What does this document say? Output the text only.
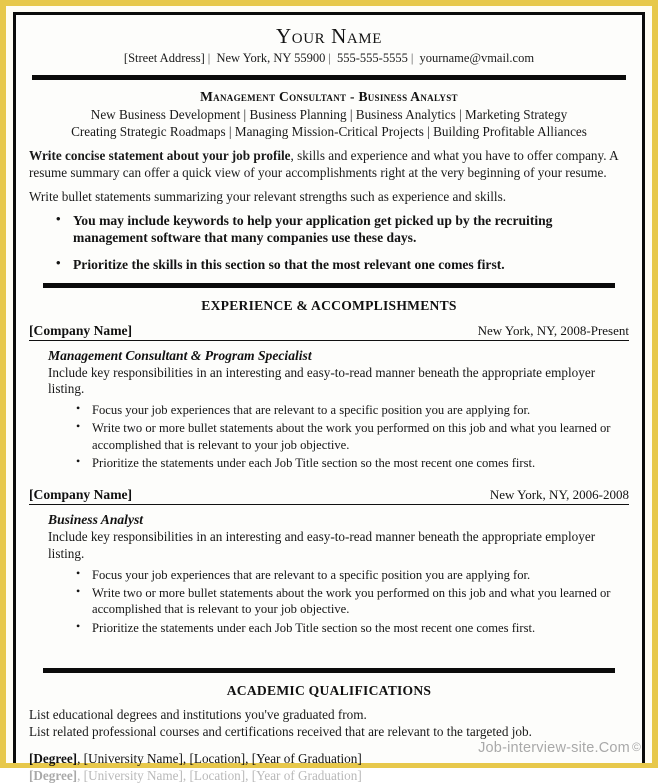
Your Name
[Street Address] | New York, NY 55900 | 555-555-5555 | yourname@vmail.com
Management Consultant - Business Analyst
New Business Development | Business Planning | Business Analytics | Marketing Strategy
Creating Strategic Roadmaps | Managing Mission-Critical Projects | Building Profitable Alliances
Write concise statement about your job profile, skills and experience and what you have to offer company. A resume summary can offer a quick view of your accomplishments right at the very beginning of your resume.
Write bullet statements summarizing your relevant strengths such as experience and skills.
• You may include keywords to help your application get picked up by the recruiting management software that many companies use these days.
• Prioritize the skills in this section so that the most relevant one comes first.
EXPERIENCE & ACCOMPLISHMENTS
[Company Name]	New York, NY, 2008-Present
Management Consultant & Program Specialist
Include key responsibilities in an interesting and easy-to-read manner beneath the appropriate employer listing.
• Focus your job experiences that are relevant to a specific position you are applying for.
• Write two or more bullet statements about the work you performed on this job and what you learned or accomplished that is relevant to your job objective.
• Prioritize the statements under each Job Title section so the most recent one comes first.
[Company Name]	New York, NY, 2006-2008
Business Analyst
Include key responsibilities in an interesting and easy-to-read manner beneath the appropriate employer listing.
• Focus your job experiences that are relevant to a specific position you are applying for.
• Write two or more bullet statements about the work you performed on this job and what you learned or accomplished that is relevant to your job objective.
• Prioritize the statements under each Job Title section so the most recent one comes first.
ACADEMIC QUALIFICATIONS
List educational degrees and institutions you've graduated from.
List related professional courses and certifications received that are relevant to the targeted job.
[Degree], [University Name], [Location], [Year of Graduation]
[Degree], [University Name], [Location], [Year of Graduation]
Job-interview-site.Com ©
